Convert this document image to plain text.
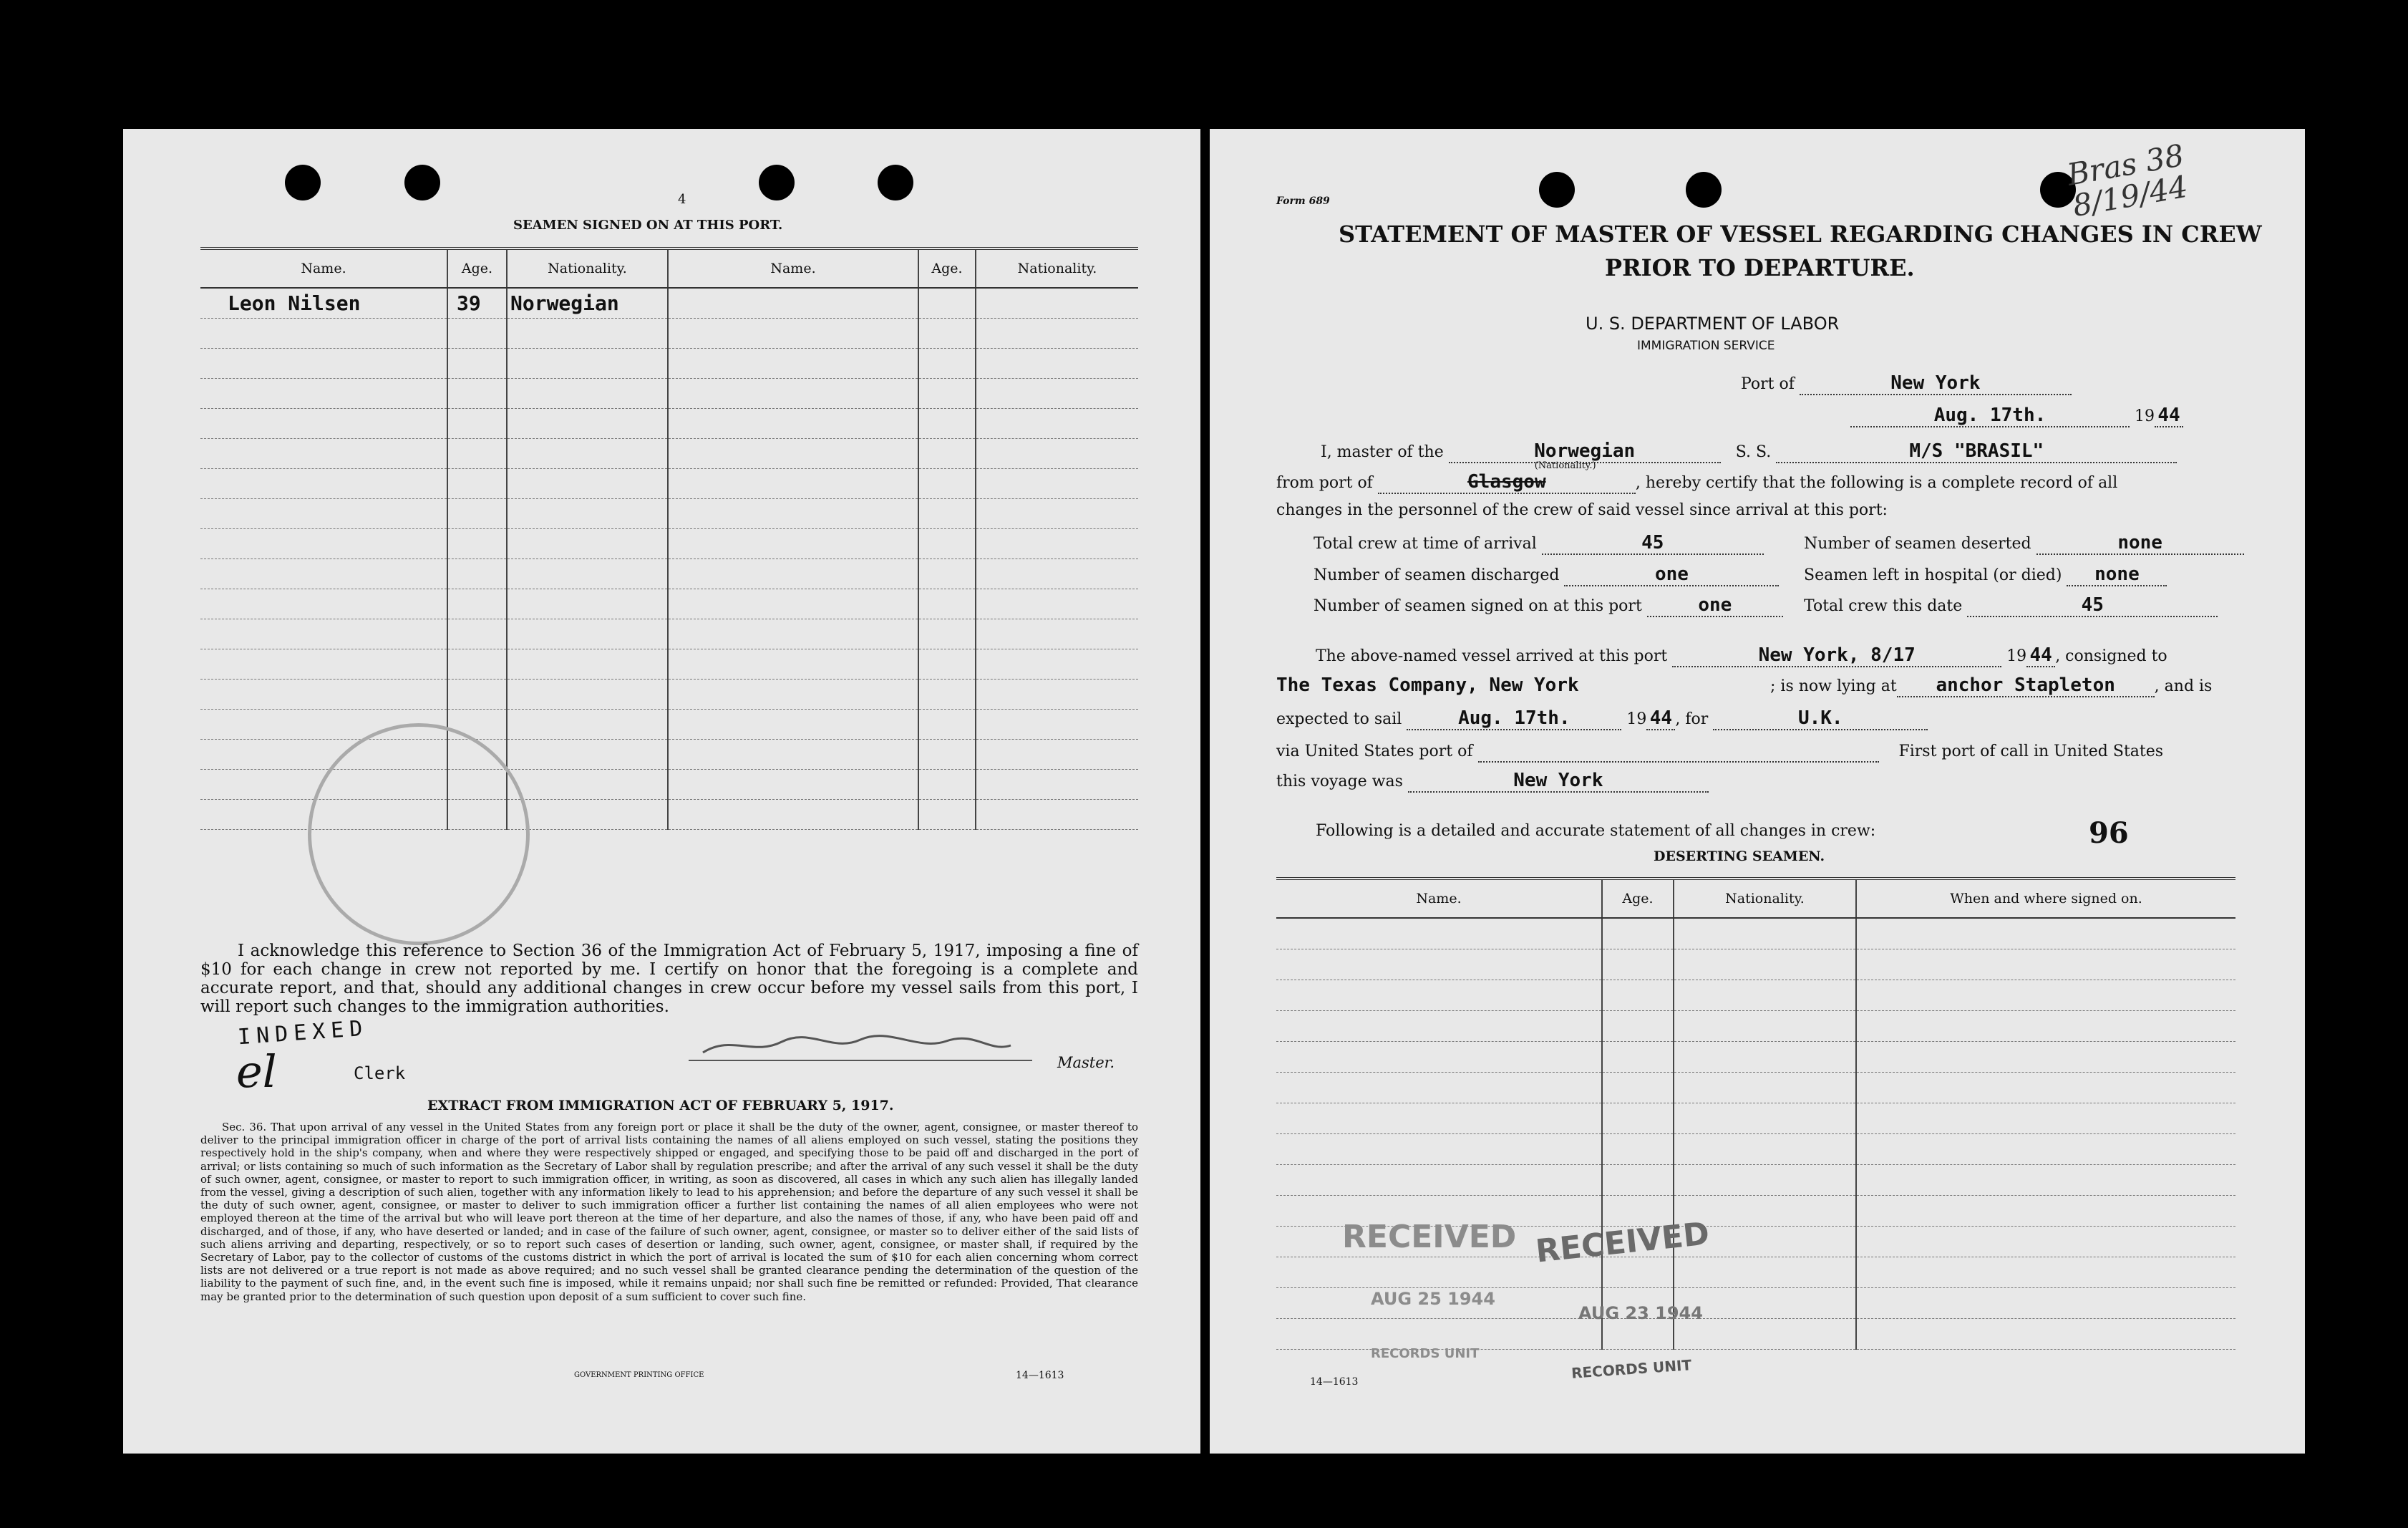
4
SEAMEN SIGNED ON AT THIS PORT.
Name.	Age.	Nationality.	Name.	Age.	Nationality.
Leon Nilsen	39	Norwegian			

I acknowledge this reference to Section 36 of the Immigration Act of February 5, 1917, imposing a fine of $10 for each change in crew not reported by me. I certify on honor that the foregoing is a complete and accurate report, and that, should any additional changes in crew occur before my vessel sails from this port, I will report such changes to the immigration authorities.
INDEXED
el	Clerk
Master.
EXTRACT FROM IMMIGRATION ACT OF FEBRUARY 5, 1917.
Sec. 36. That upon arrival of any vessel in the United States from any foreign port or place it shall be the duty of the owner, agent, consignee, or master thereof to deliver to the principal immigration officer in charge of the port of arrival lists containing the names of all aliens employed on such vessel, stating the positions they respectively hold in the ship's company, when and where they were respectively shipped or engaged, and specifying those to be paid off and discharged in the port of arrival; or lists containing so much of such information as the Secretary of Labor shall by regulation prescribe; and after the arrival of any such vessel it shall be the duty of such owner, agent, consignee, or master to report to such immigration officer, in writing, as soon as discovered, all cases in which any such alien has illegally landed from the vessel, giving a description of such alien, together with any information likely to lead to his apprehension; and before the departure of any such vessel it shall be the duty of such owner, agent, consignee, or master to deliver to such immigration officer a further list containing the names of all alien employees who were not employed thereon at the time of the arrival but who will leave port thereon at the time of her departure, and also the names of those, if any, who have been paid off and discharged, and of those, if any, who have deserted or landed; and in case of the failure of such owner, agent, consignee, or master so to deliver either of the said lists of such aliens arriving and departing, respectively, or so to report such cases of desertion or landing, such owner, agent, consignee, or master shall, if required by the Secretary of Labor, pay to the collector of customs of the customs district in which the port of arrival is located the sum of $10 for each alien concerning whom correct lists are not delivered or a true report is not made as above required; and no such vessel shall be granted clearance pending the determination of the question of the liability to the payment of such fine, and, in the event such fine is imposed, while it remains unpaid; nor shall such fine be remitted or refunded: Provided, That clearance may be granted prior to the determination of such question upon deposit of a sum sufficient to cover such fine.
GOVERNMENT PRINTING OFFICE	14—1613
Bras 38 8/19/44
Form 689
STATEMENT OF MASTER OF VESSEL REGARDING CHANGES IN CREW
PRIOR TO DEPARTURE.
U. S. DEPARTMENT OF LABOR
IMMIGRATION SERVICE
Port of	New York
Aug. 17th.	19 44
I, master of the	Norwegian
(Nationality.)
S. S.	M/S "BRASIL"
from port of	Glasgow	, hereby certify that the following is a complete record of all
changes in the personnel of the crew of said vessel since arrival at this port:
Total crew at time of arrival	45	Number of seamen deserted	none
Number of seamen discharged	one	Seamen left in hospital (or died) none
Number of seamen signed on at this port	one	Total crew this date	45
The above-named vessel arrived at this port	New York, 8/17	19 44 , consigned to
The Texas Company, New York	; is now lying at anchor Stapleton , and is
expected to sail	Aug. 17th.	19 44 , for	U.K.
via United States port of	First port of call in United States
this voyage was	New York
Following is a detailed and accurate statement of all changes in crew:	96
DESERTING SEAMEN.
Name.	Age.	Nationality.	When and where signed on.

RECEIVED RECEIVED
AUG 25 1944
AUG 23 1944
RECORDS UNIT
RECORDS UNIT
14—1613
